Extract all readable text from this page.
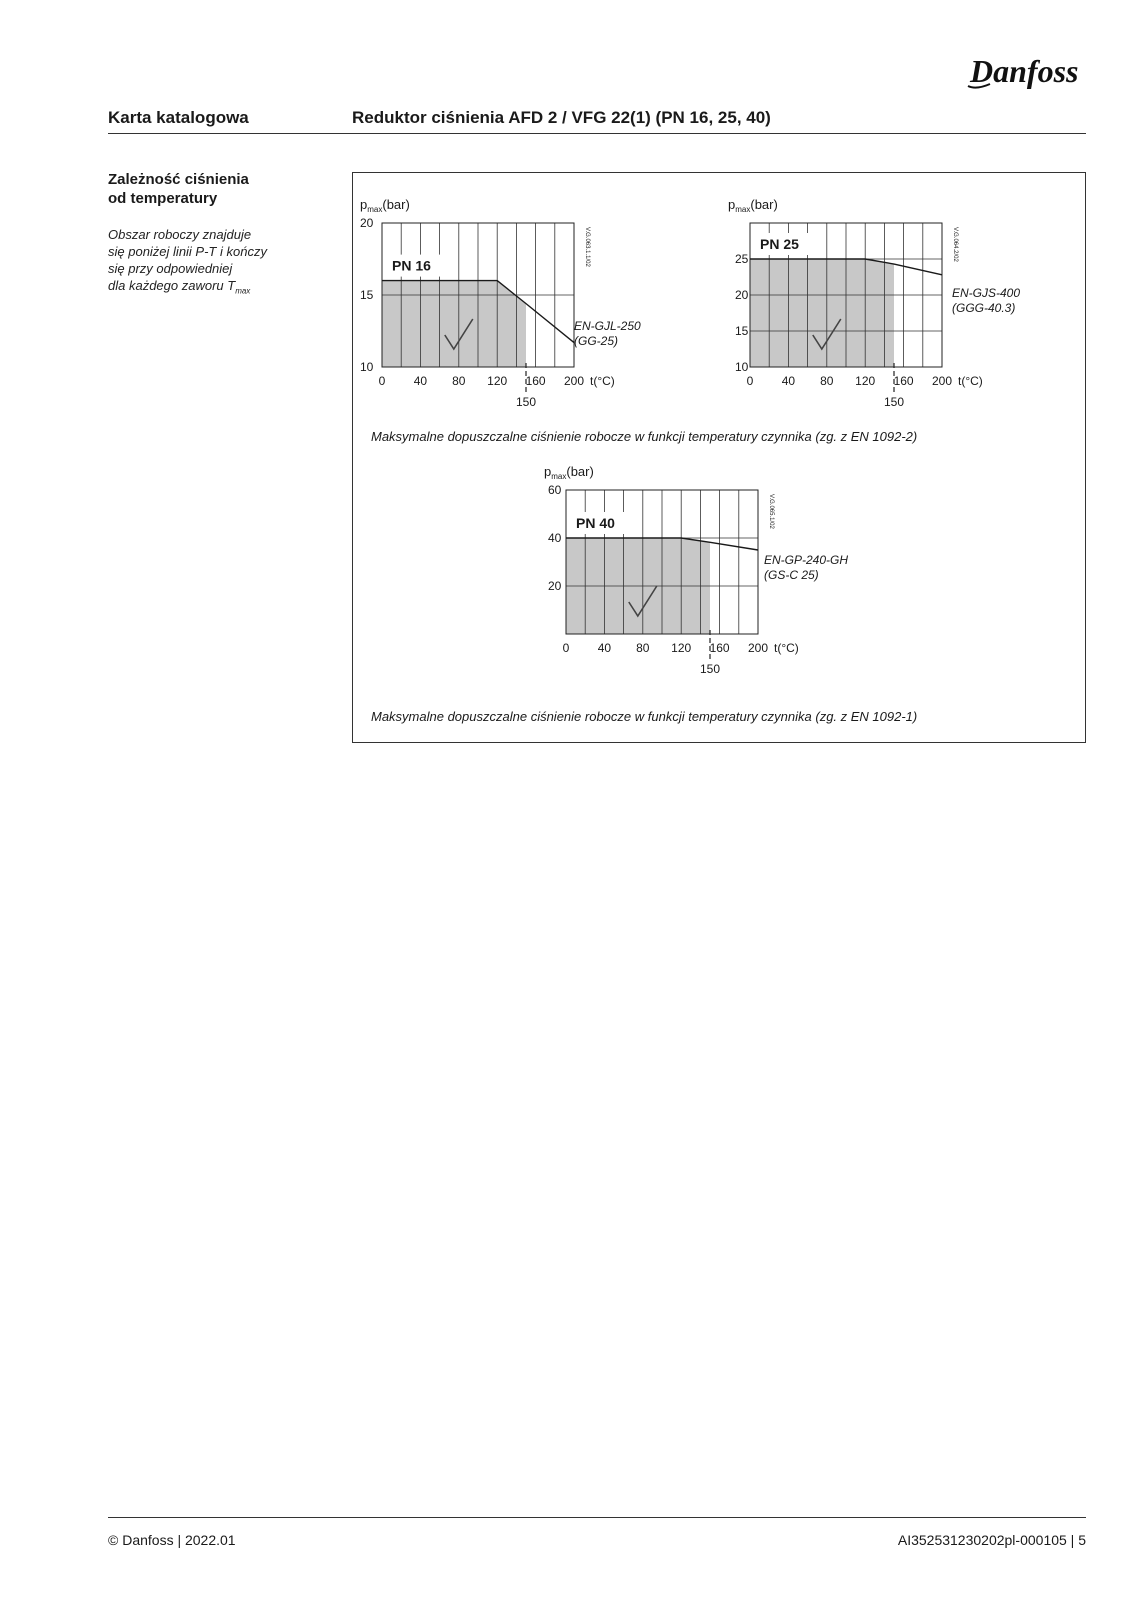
Danfoss
Karta katalogowa	Reduktor ciśnienia AFD 2 / VFG 22(1) (PN 16, 25, 40)
Zależność ciśnienia
od temperatury
Obszar roboczy znajduje
się poniżej linii P-T i kończy
się przy odpowiedniej
dla każdego zaworu $T_{max}$
PN 16
20
15
10
0 40 80 120 160 200
150
t(°C)
$p_{max}(bar)$
EN-GJL-250
(GG-25)
V.G.063.1.1/02	PN 25
25
20
15
10
0 40 80 120 160 200
150
t(°C)
$p_{max}(bar)$
EN-GJS-400
(GGG-40.3)
V.G.064.2/02
PN 40
60
40
20
0 40 80 120 160 200
150
t(°C)
$p_{max}(bar)$
EN-GP-240-GH
(GS-C 25)
V.G.065.1/02
Maksymalne dopuszczalne ciśnienie robocze w funkcji temperatury czynnika (zg. z EN 1092-2)
Maksymalne dopuszczalne ciśnienie robocze w funkcji temperatury czynnika (zg. z EN 1092-1)
© Danfoss | 2022.01	AI352531230202pl-000105 | 5
